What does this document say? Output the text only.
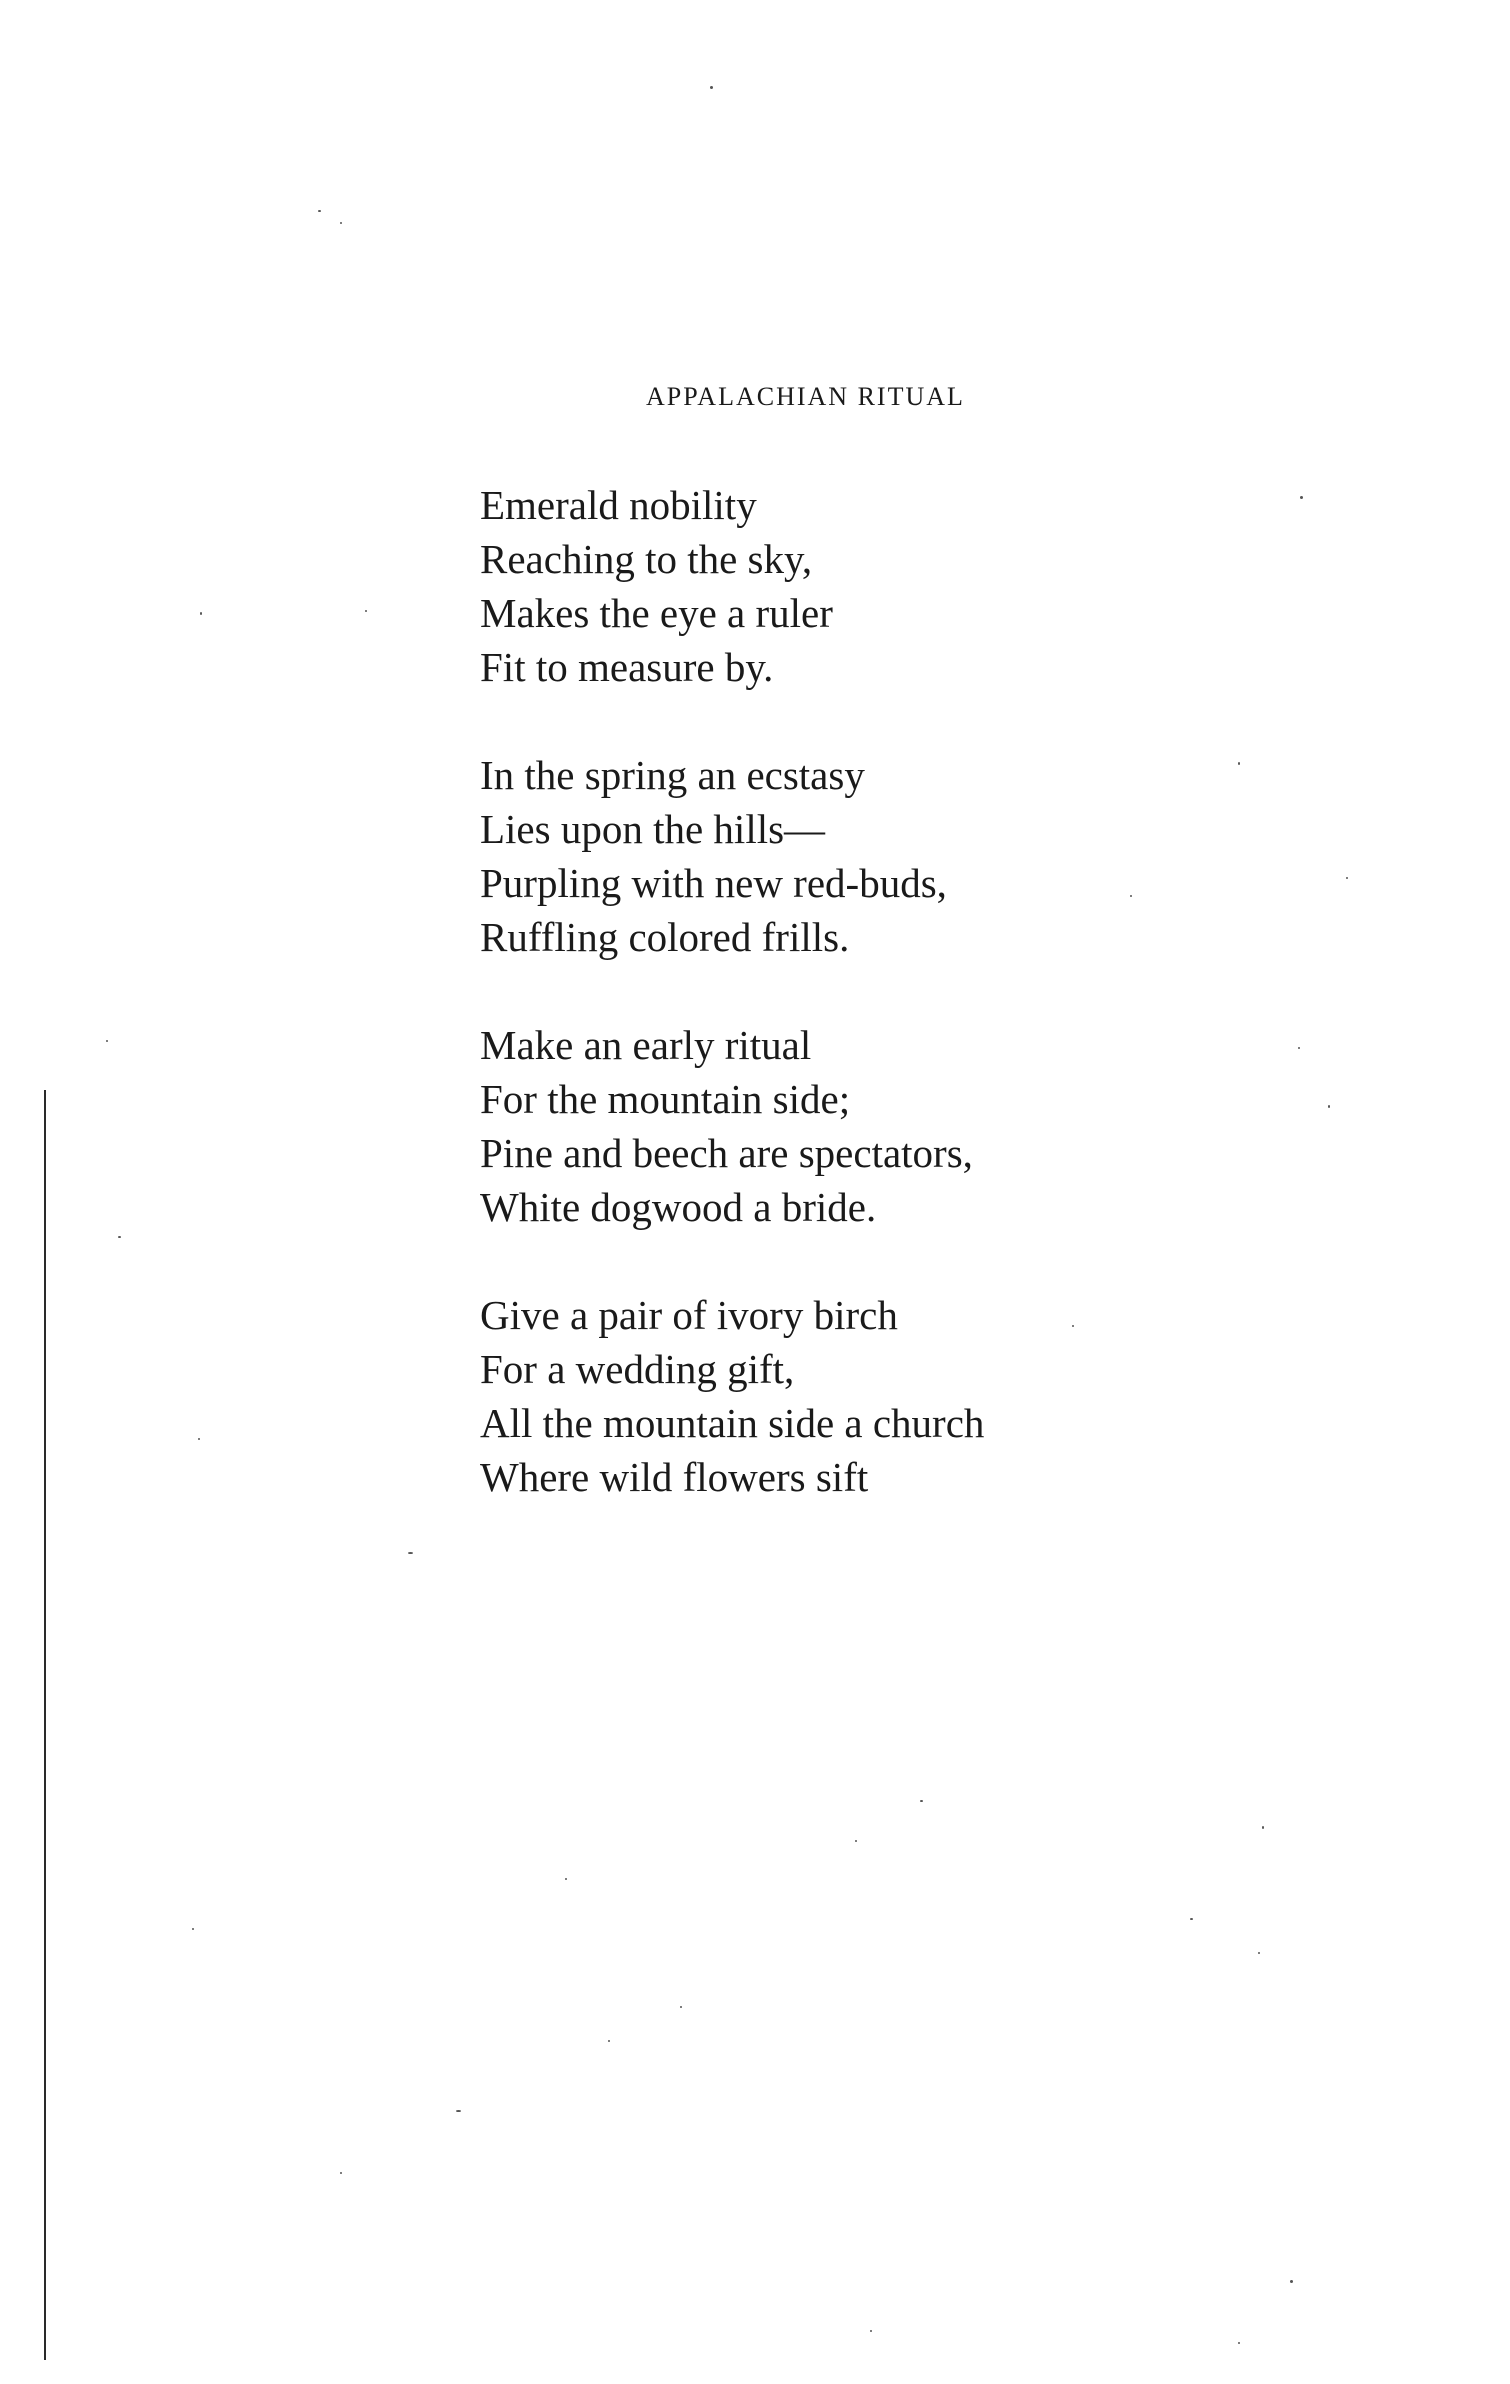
APPALACHIAN RITUAL
Emerald nobility
Reaching to the sky,
Makes the eye a ruler
Fit to measure by.
In the spring an ecstasy
Lies upon the hills—
Purpling with new red-buds,
Ruffling colored frills.
Make an early ritual
For the mountain side;
Pine and beech are spectators,
White dogwood a bride.
Give a pair of ivory birch
For a wedding gift,
All the mountain side a church
Where wild flowers sift
